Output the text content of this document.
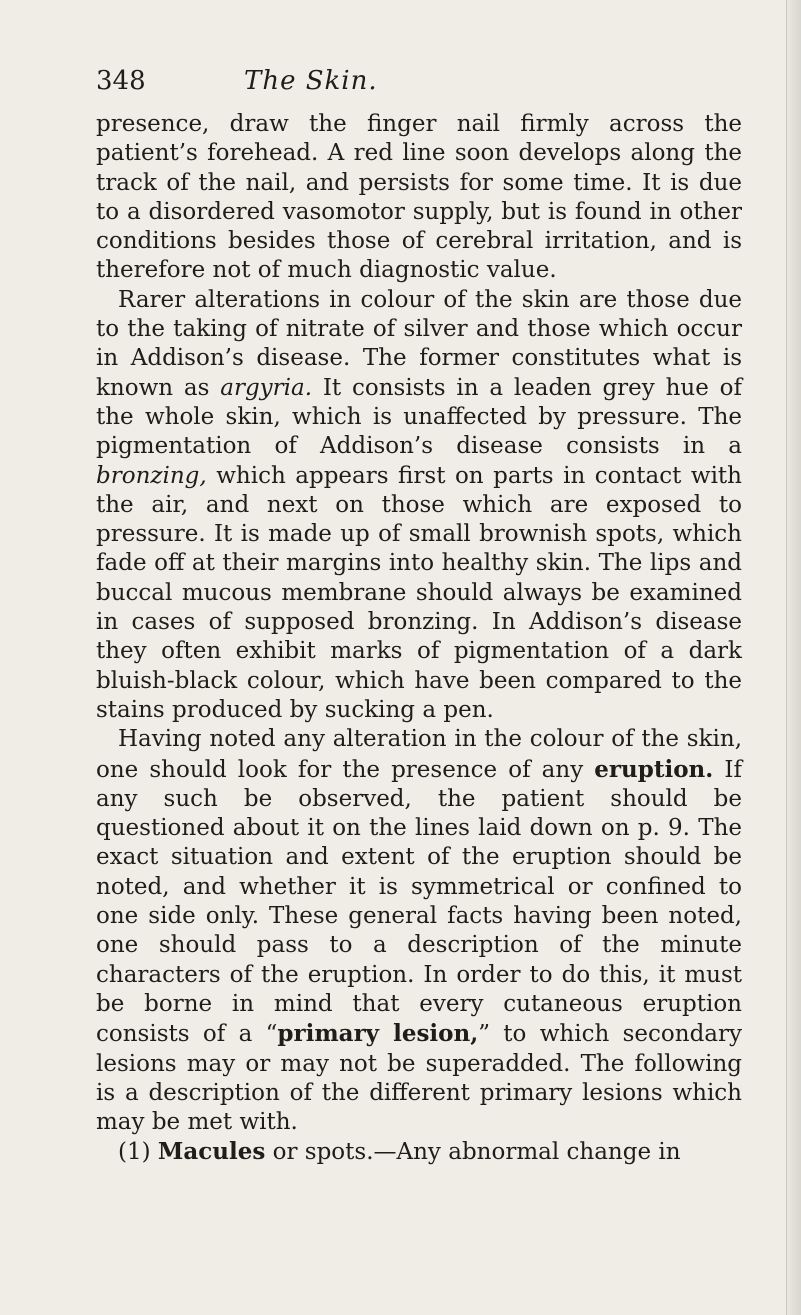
348	The Skin.

presence, draw the finger nail firmly across the patient’s forehead. A red line soon develops along the track of the nail, and persists for some time. It is due to a disordered vasomotor supply, but is found in other conditions besides those of cerebral irritation, and is therefore not of much diagnostic value.

Rarer alterations in colour of the skin are those due to the taking of nitrate of silver and those which occur in Addison’s disease. The former constitutes what is known as argyria. It consists in a leaden grey hue of the whole skin, which is unaffected by pressure. The pigmentation of Addison’s disease consists in a bronzing, which appears first on parts in contact with the air, and next on those which are exposed to pressure. It is made up of small brownish spots, which fade off at their margins into healthy skin. The lips and buccal mucous membrane should always be examined in cases of supposed bronzing. In Addison’s disease they often exhibit marks of pigmentation of a dark bluish-black colour, which have been compared to the stains produced by sucking a pen.

Having noted any alteration in the colour of the skin, one should look for the presence of any eruption. If any such be observed, the patient should be questioned about it on the lines laid down on p. 9. The exact situation and extent of the eruption should be noted, and whether it is symmetrical or confined to one side only. These general facts having been noted, one should pass to a description of the minute characters of the eruption. In order to do this, it must be borne in mind that every cutaneous eruption consists of a “primary lesion,” to which secondary lesions may or may not be superadded. The following is a description of the different primary lesions which may be met with.

(1) Macules or spots.—Any abnormal change in
